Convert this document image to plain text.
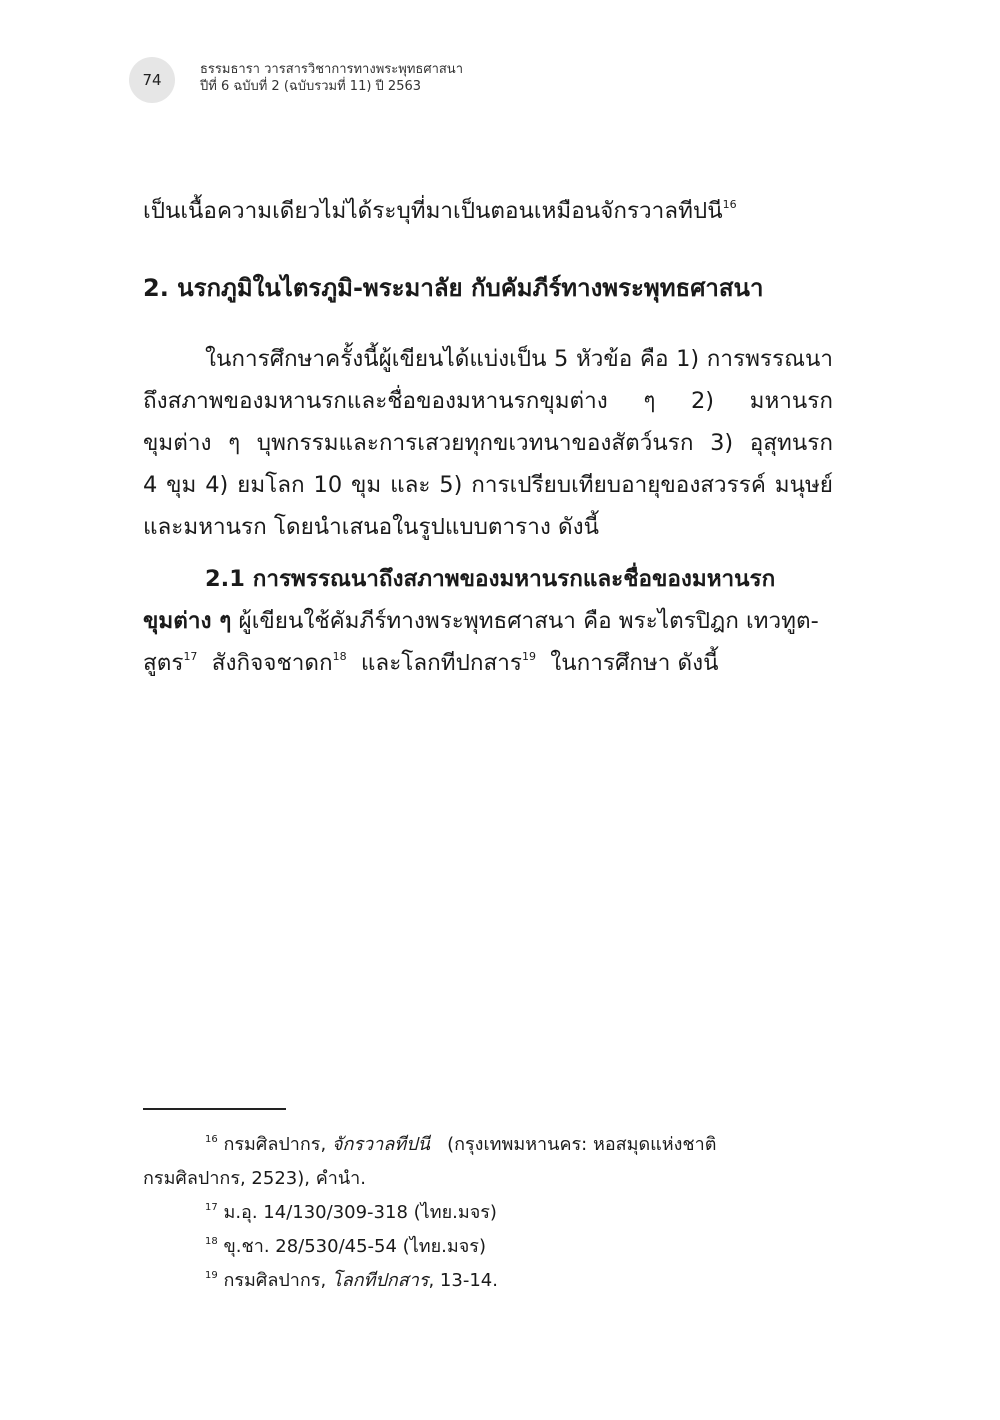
74
ธรรมธารา วารสารวิชาการทางพระพุทธศาสนา
ปีที่ 6 ฉบับที่ 2 (ฉบับรวมที่ 11) ปี 2563
เป็นเนื้อความเดียวไม่ได้ระบุที่มาเป็นตอนเหมือนจักรวาลทีปนี$^{16}$
2. นรกภูมิในไตรภูมิ-พระมาลัย กับคัมภีร์ทางพระพุทธศาสนา
ในการศึกษาครั้งนี้ผู้เขียนได้แบ่งเป็น 5 หัวข้อ คือ 1) การพรรณนา
ถึงสภาพของมหานรกและชื่อของมหานรกขุมต่าง ๆ 2) มหานรก
ขุมต่าง ๆ บุพกรรมและการเสวยทุกขเวทนาของสัตว์นรก 3) อุสุทนรก
4 ขุม 4) ยมโลก 10 ขุม และ 5) การเปรียบเทียบอายุของสวรรค์ มนุษย์
และมหานรก โดยนำเสนอในรูปแบบตาราง ดังนี้
2.1 การพรรณนาถึงสภาพของมหานรกและชื่อของมหานรก
ขุมต่าง ๆ ผู้เขียนใช้คัมภีร์ทางพระพุทธศาสนา คือ พระไตรปิฎก เทวทูต-
สูตร$^{17}$ สังกิจจชาดก$^{18}$ และโลกทีปกสาร$^{19}$ ในการศึกษา ดังนี้
$^{16}$ กรมศิลปากร, จักรวาลทีปนี (กรุงเทพมหานคร: หอสมุดแห่งชาติ
กรมศิลปากร, 2523), คำนำ.
$^{17}$ ม.อุ. 14/130/309-318 (ไทย.มจร)
$^{18}$ ขุ.ชา. 28/530/45-54 (ไทย.มจร)
$^{19}$ กรมศิลปากร, โลกทีปกสาร, 13-14.
